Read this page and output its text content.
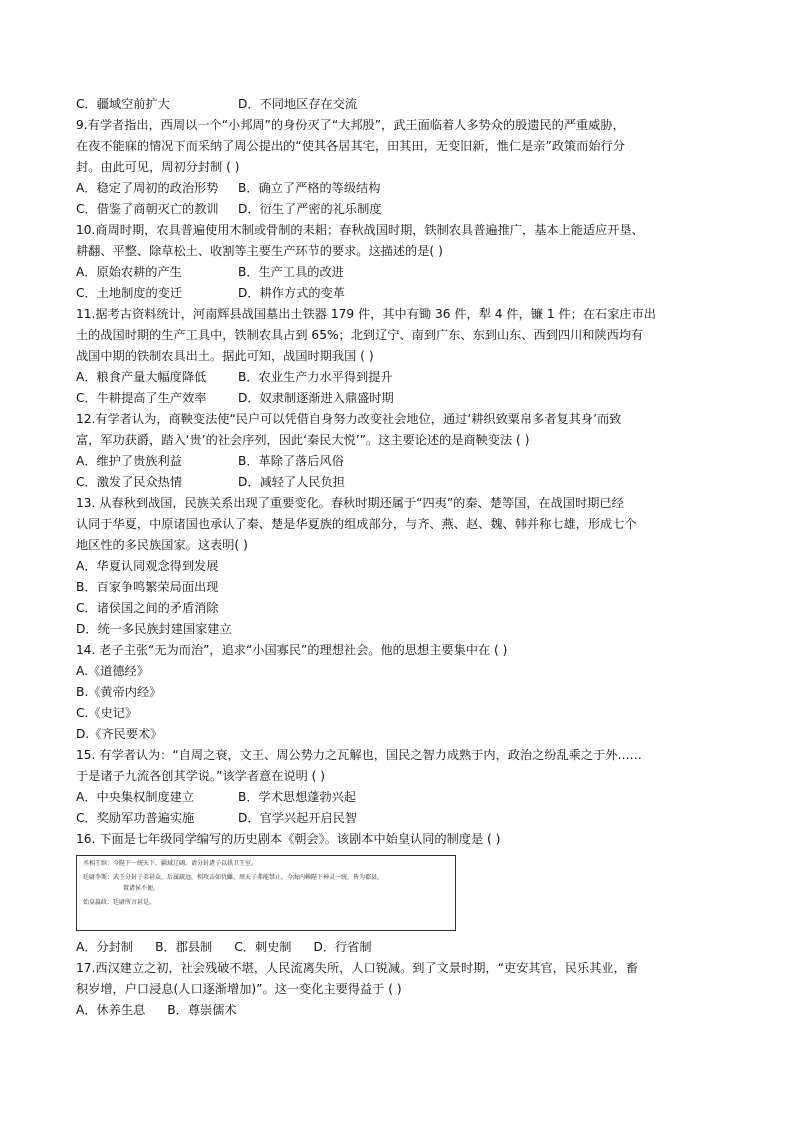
C．疆域空前扩大	D．不同地区存在交流
9.有学者指出，西周以一个“小邦周”的身份灭了“大邦殷”，武王面临着人多势众的殷遗民的严重威胁，
在夜不能寐的情况下而采纳了周公提出的“使其各居其宅，田其田，无变旧新，惟仁是亲”政策而始行分
封。由此可见，周初分封制 ( )
A．稳定了周初的政治形势	B．确立了严格的等级结构
C．借鉴了商朝灭亡的教训	D．衍生了严密的礼乐制度
10.商周时期，农具普遍使用木制或骨制的耒耜；春秋战国时期，铁制农具普遍推广，基本上能适应开垦、
耕翻、平整、除草松土、收割等主要生产环节的要求。这描述的是( )
A．原始农耕的产生	B．生产工具的改进
C．土地制度的变迁	D．耕作方式的变革
11.据考古资料统计，河南辉县战国墓出土铁器 179 件，其中有锄 36 件，犁 4 件，镰 1 件；在石家庄市出
土的战国时期的生产工具中，铁制农具占到 65%；北到辽宁、南到广东、东到山东、西到四川和陕西均有
战国中期的铁制农具出土。据此可知，战国时期我国 ( )
A．粮食产量大幅度降低	B．农业生产力水平得到提升
C．牛耕提高了生产效率	D．奴隶制逐渐进入鼎盛时期
12.有学者认为，商鞅变法使“民户可以凭借自身努力改变社会地位，通过‘耕织致粟帛多者复其身’而致
富，军功获爵，踏入‘贵’的社会序列，因此‘秦民大悦’”。这主要论述的是商鞅变法 ( )
A．维护了贵族利益	B．革除了落后风俗
C．激发了民众热情	D．减轻了人民负担
13. 从春秋到战国，民族关系出现了重要变化。春秋时期还属于“四夷”的秦、楚等国，在战国时期已经
认同于华夏，中原诸国也承认了秦、楚是华夏族的组成部分，与齐、燕、赵、魏、韩并称七雄，形成七个
地区性的多民族国家。这表明( )
A．华夏认同观念得到发展
B．百家争鸣繁荣局面出现
C．诸侯国之间的矛盾消除
D．统一多民族封建国家建立
14. 老子主张“无为而治”，追求“小国寡民”的理想社会。他的思想主要集中在 ( )
A.《道德经》
B.《黄帝内经》
C.《史记》
D.《齐民要术》
15. 有学者认为：“自周之衰，文王、周公势力之瓦解也，国民之智力成熟于内，政治之纷乱乘之于外……
于是诸子九流各创其学说。”该学者意在说明 ( )
A．中央集权制度建立	B．学术思想蓬勃兴起
C．奖励军功普遍实施	D．官学兴起开启民智
16. 下面是七年级同学编写的历史剧本《朝会》。该剧本中始皇认同的制度是 ( )
丞相王绾：今陛下一统天下，疆域辽阔，请分封诸子以拱卫王室。
廷尉李斯：武王分封子弟甚众，后属疏远，相攻击如仇雠，周天子弗能禁止。今海内赖陛下神灵一统，皆为郡县，
置诸侯不便。
始皇嬴政：廷尉所言甚是。
A．分封制 B．郡县制 C．刺史制 D．行省制
17.西汉建立之初，社会残破不堪，人民流离失所，人口锐减。到了文景时期，“吏安其官，民乐其业，畜
积岁增，户口浸息(人口逐渐增加)”。这一变化主要得益于 ( )
A．休养生息 B．尊崇儒术
